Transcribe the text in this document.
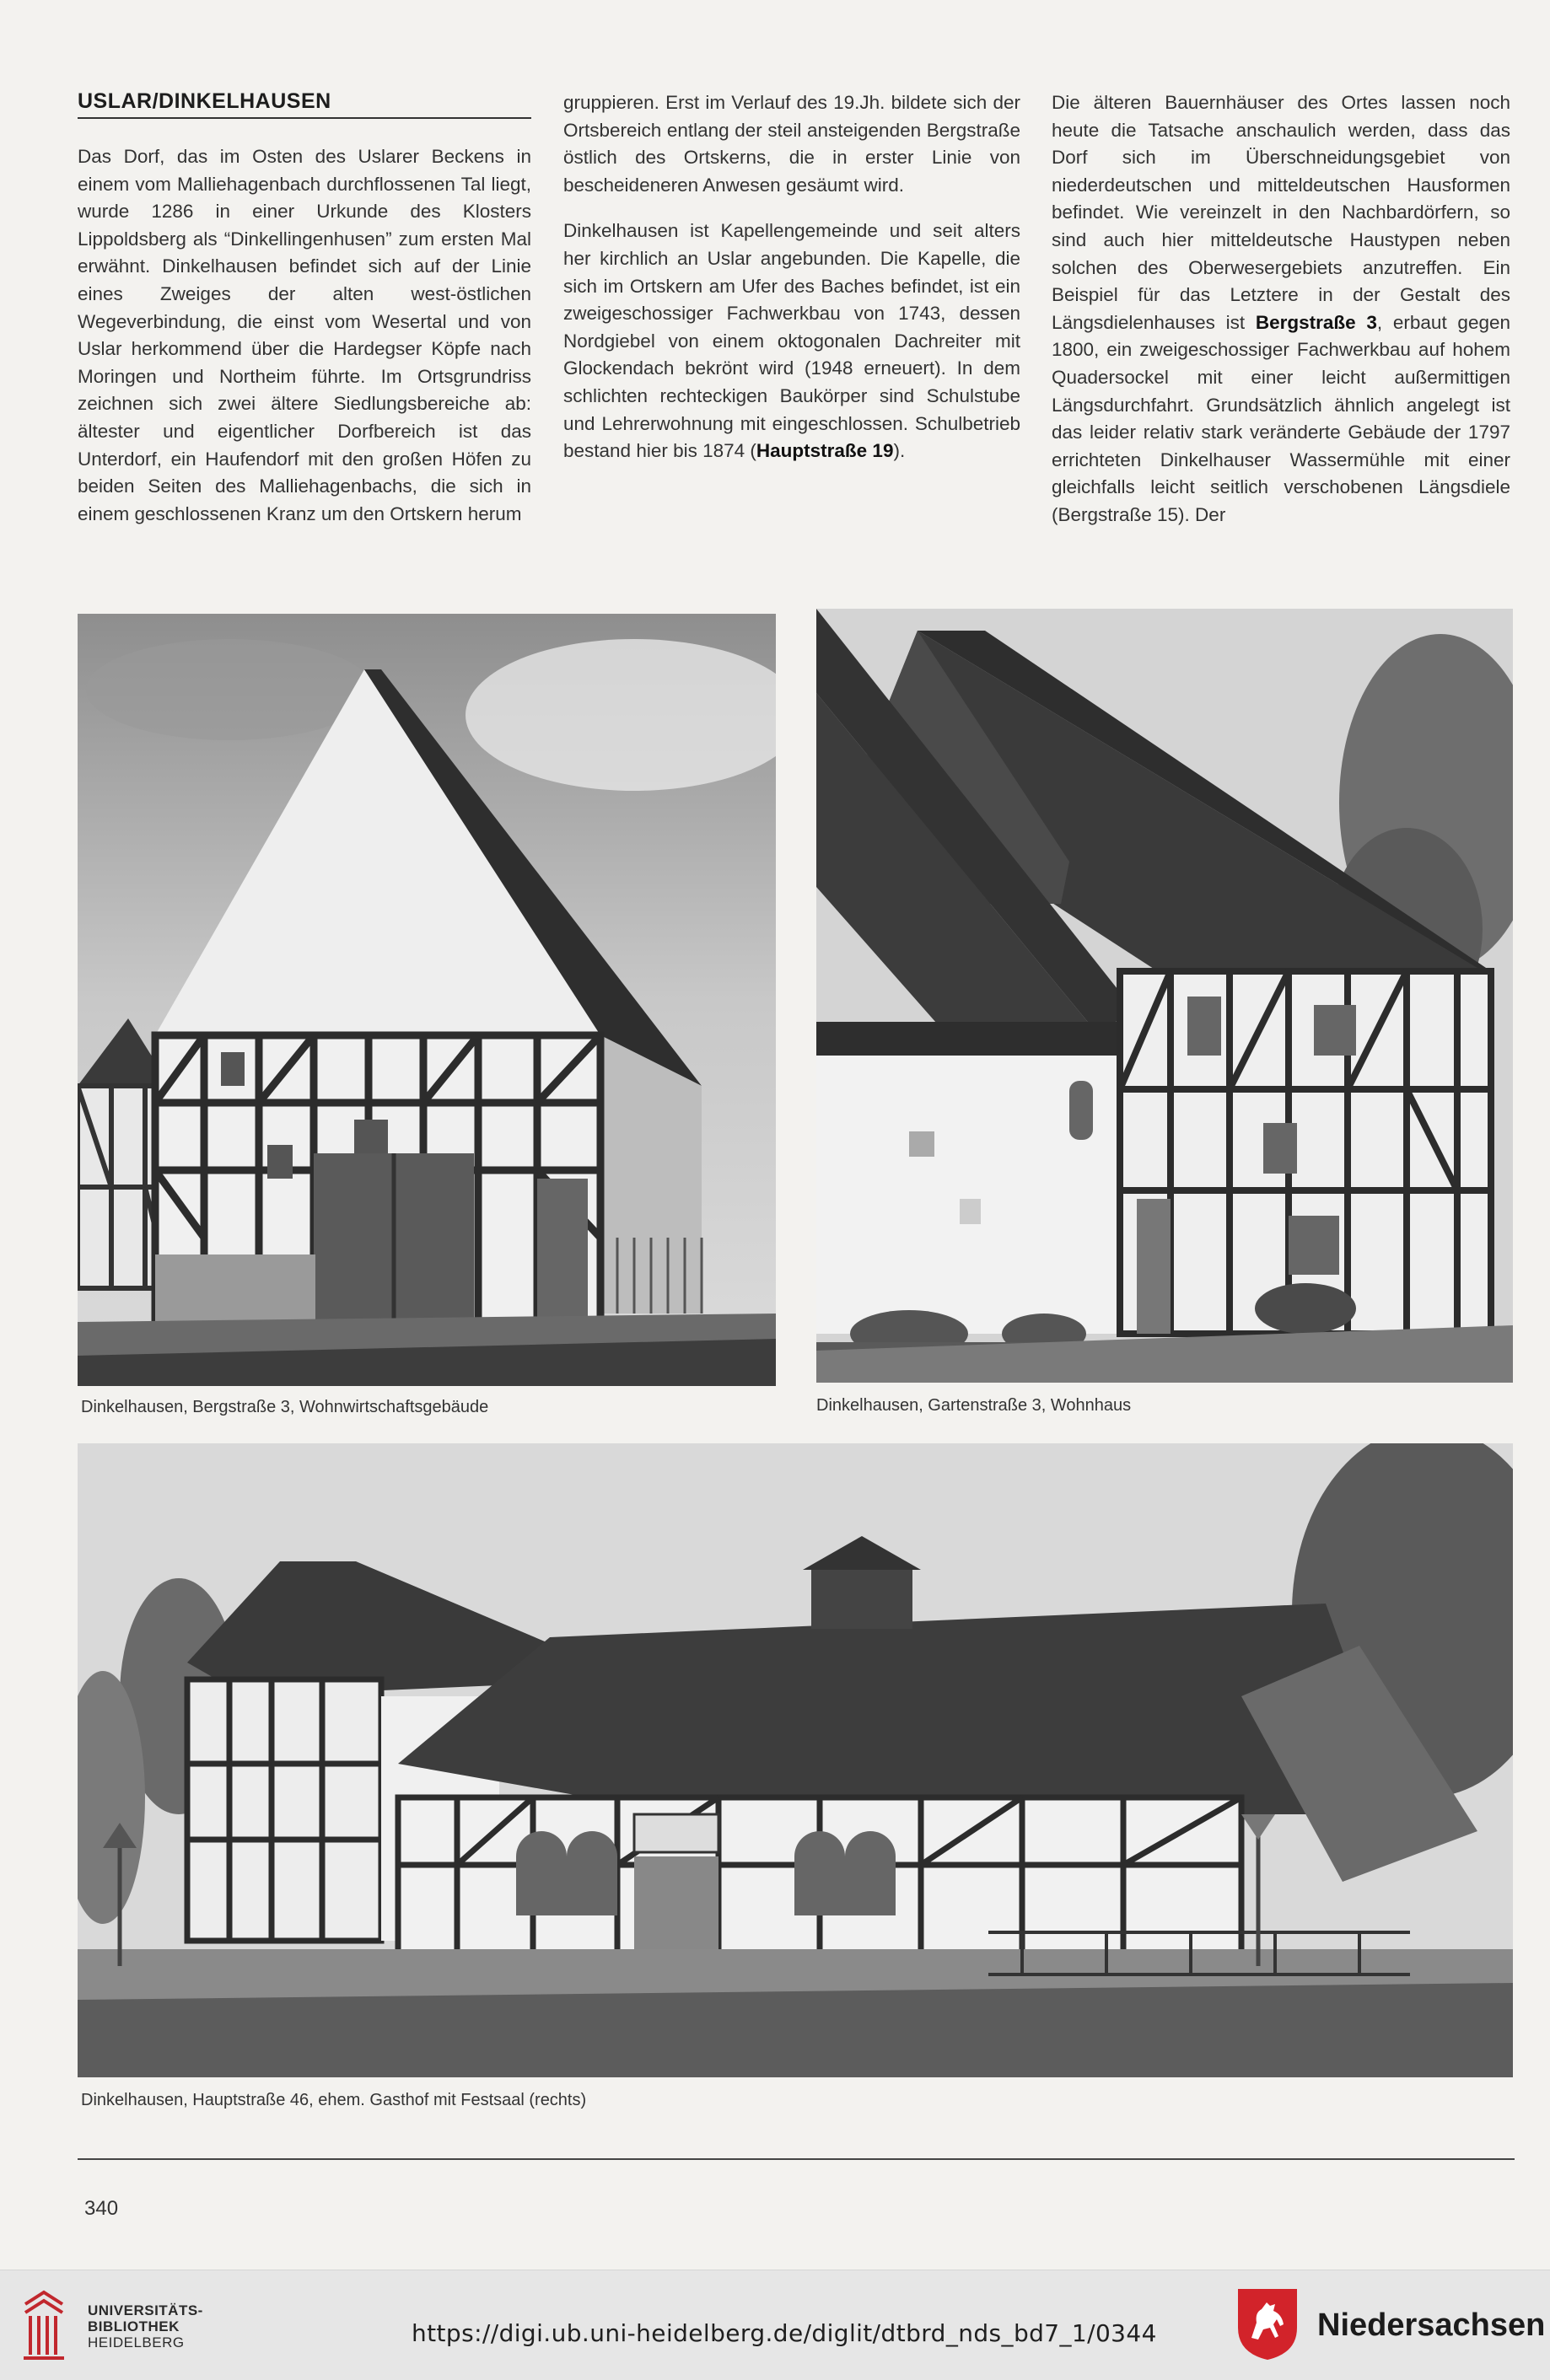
USLAR/DINKELHAUSEN

Das Dorf, das im Osten des Uslarer Beckens in einem vom Malliehagenbach durchflossenen Tal liegt, wurde 1286 in einer Urkunde des Klosters Lippoldsberg als “Dinkellingenhusen” zum ersten Mal erwähnt. Dinkelhausen befindet sich auf der Linie eines Zweiges der alten west-östlichen Wegeverbindung, die einst vom Wesertal und von Uslar herkommend über die Hardegser Köpfe nach Moringen und Northeim führte. Im Ortsgrundriss zeichnen sich zwei ältere Siedlungsbereiche ab: ältester und eigentlicher Dorfbereich ist das Unterdorf, ein Haufendorf mit den großen Höfen zu beiden Seiten des Malliehagenbachs, die sich in einem geschlossenen Kranz um den Ortskern herum

gruppieren. Erst im Verlauf des 19.Jh. bildete sich der Ortsbereich entlang der steil ansteigenden Bergstraße östlich des Ortskerns, die in erster Linie von bescheideneren Anwesen gesäumt wird.

Dinkelhausen ist Kapellengemeinde und seit alters her kirchlich an Uslar angebunden. Die Kapelle, die sich im Ortskern am Ufer des Baches befindet, ist ein zweigeschossiger Fachwerkbau von 1743, dessen Nordgiebel von einem oktogonalen Dachreiter mit Glockendach bekrönt wird (1948 erneuert). In dem schlichten rechteckigen Baukörper sind Schulstube und Lehrerwohnung mit eingeschlossen. Schulbetrieb bestand hier bis 1874 (Hauptstraße 19).

Die älteren Bauernhäuser des Ortes lassen noch heute die Tatsache anschaulich werden, dass das Dorf sich im Überschneidungsgebiet von niederdeutschen und mitteldeutschen Hausformen befindet. Wie vereinzelt in den Nachbardörfern, so sind auch hier mitteldeutsche Haustypen neben solchen des Oberwesergebiets anzutreffen. Ein Beispiel für das Letztere in der Gestalt des Längsdielenhauses ist Bergstraße 3, erbaut gegen 1800, ein zweigeschossiger Fachwerkbau auf hohem Quadersockel mit einer leicht außermittigen Längsdurchfahrt. Grundsätzlich ähnlich angelegt ist das leider relativ stark veränderte Gebäude der 1797 errichteten Dinkelhauser Wassermühle mit einer gleichfalls leicht seitlich verschobenen Längsdiele (Bergstraße 15). Der

Dinkelhausen, Bergstraße 3, Wohnwirtschaftsgebäude	Dinkelhausen, Gartenstraße 3, Wohnhaus
Dinkelhausen, Hauptstraße 46, ehem. Gasthof mit Festsaal (rechts)
340
UNIVERSITÄTS-
BIBLIOTHEK
HEIDELBERG	https://digi.ub.uni-heidelberg.de/diglit/dtbrd_nds_bd7_1/0344	Niedersachsen
